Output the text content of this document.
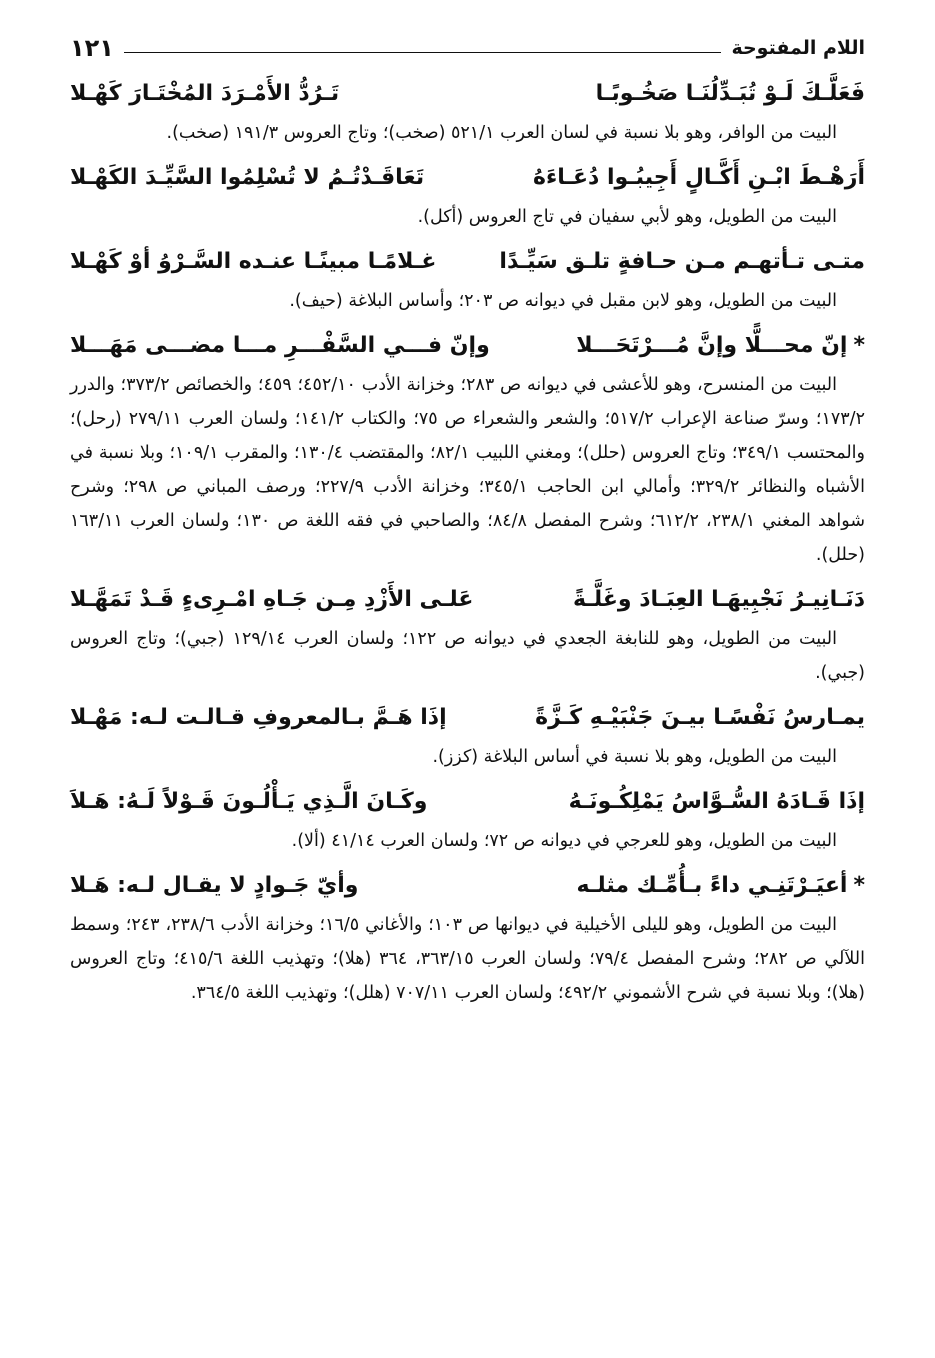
اللام المفتوحة
١٢١
فَعَلَّـكَ لَـوْ تُبَـدِّلُنَـا صَخُـوبًـا
تَـرُدُّ الأَمْـرَدَ المُخْتَـارَ كَهْـلا

البيت من الوافر، وهو بلا نسبة في لسان العرب ٥٢١/١ (صخب)؛ وتاج العروس ١٩١/٣ (صخب).

أَرَهْـطَ ابْـنِ أَكَّـالٍ أَجِيبُـوا دُعَـاءَهُ
تَعَاقَـدْتُـمُ لا تُسْلِمُوا السَّيِّـدَ الكَهْـلا

البيت من الطويل، وهو لأبي سفيان في تاج العروس (أكل).

متـى تـأتهـم مـن حـافةٍ تلـق سَيِّـدًا
غـلامًـا مبينًـا عنـده السَّـرْوُ أوْ كَهْـلا

البيت من الطويل، وهو لابن مقبل في ديوانه ص ٢٠٣؛ وأساس البلاغة (حيف).

*إنّ محـــلًّا وإنَّ مُـــرْتَحَـــلا
وإنّ فـــي السَّفْـــرِ مـــا مضـــى مَهَـــلا

البيت من المنسرح، وهو للأعشى في ديوانه ص ٢٨٣؛ وخزانة الأدب ٤٥٢/١٠؛ ٤٥٩؛ والخصائص ٣٧٣/٢؛ والدرر ١٧٣/٢؛ وسرّ صناعة الإعراب ٥١٧/٢؛ والشعر والشعراء ص ٧٥؛ والكتاب ١٤١/٢؛ ولسان العرب ٢٧٩/١١ (رحل)؛ والمحتسب ٣٤٩/١؛ وتاج العروس (حلل)؛ ومغني اللبيب ٨٢/١؛ والمقتضب ١٣٠/٤؛ والمقرب ١٠٩/١؛ وبلا نسبة في الأشباه والنظائر ٣٢٩/٢؛ وأمالي ابن الحاجب ٣٤٥/١؛ وخزانة الأدب ٢٢٧/٩؛ ورصف المباني ص ٢٩٨؛ وشرح شواهد المغني ٢٣٨/١، ٦١٢/٢؛ وشرح المفصل ٨٤/٨؛ والصاحبي في فقه اللغة ص ١٣٠؛ ولسان العرب ١٦٣/١١ (حلل).

دَنَـانِيـرُ نَجْبِيهَـا العِبَـادَ وغَلَّـةً
عَلـى الأَزْدِ مِـن جَـاهِ امْـرِىءٍ قَـدْ تَمَهَّـلا

البيت من الطويل، وهو للنابغة الجعدي في ديوانه ص ١٢٢؛ ولسان العرب ١٢٩/١٤ (جبي)؛ وتاج العروس (جبي).

يمـارسُ نَفْسًـا بيـنَ جَنْبَيْـهِ كَـزَّةً
إذَا هَـمَّ بـالمعروفِ قـالـت لـه: مَهْـلا

البيت من الطويل، وهو بلا نسبة في أساس البلاغة (كزز).

إذَا قَـادَهُ السُّـوَّاسُ يَمْلِكُـونَـهُ
وكَـانَ الَّـذِي يَـأْلُـونَ قَـوْلاً لَـهُ: هَـلاَ

البيت من الطويل، وهو للعرجي في ديوانه ص ٧٢؛ ولسان العرب ٤١/١٤ (ألا).

*أعيَـرْتَنِـي داءً بـأُمِّـك مثلـه
وأيّ جَـوادٍ لا يقـال لـه: هَـلا

البيت من الطويل، وهو لليلى الأخيلية في ديوانها ص ١٠٣؛ والأغاني ١٦/٥؛ وخزانة الأدب ٢٣٨/٦، ٢٤٣؛ وسمط اللآلي ص ٢٨٢؛ وشرح المفصل ٧٩/٤؛ ولسان العرب ٣٦٣/١٥، ٣٦٤ (هلا)؛ وتهذيب اللغة ٤١٥/٦؛ وتاج العروس (هلا)؛ وبلا نسبة في شرح الأشموني ٤٩٢/٢؛ ولسان العرب ٧٠٧/١١ (هلل)؛ وتهذيب اللغة ٣٦٤/٥.
